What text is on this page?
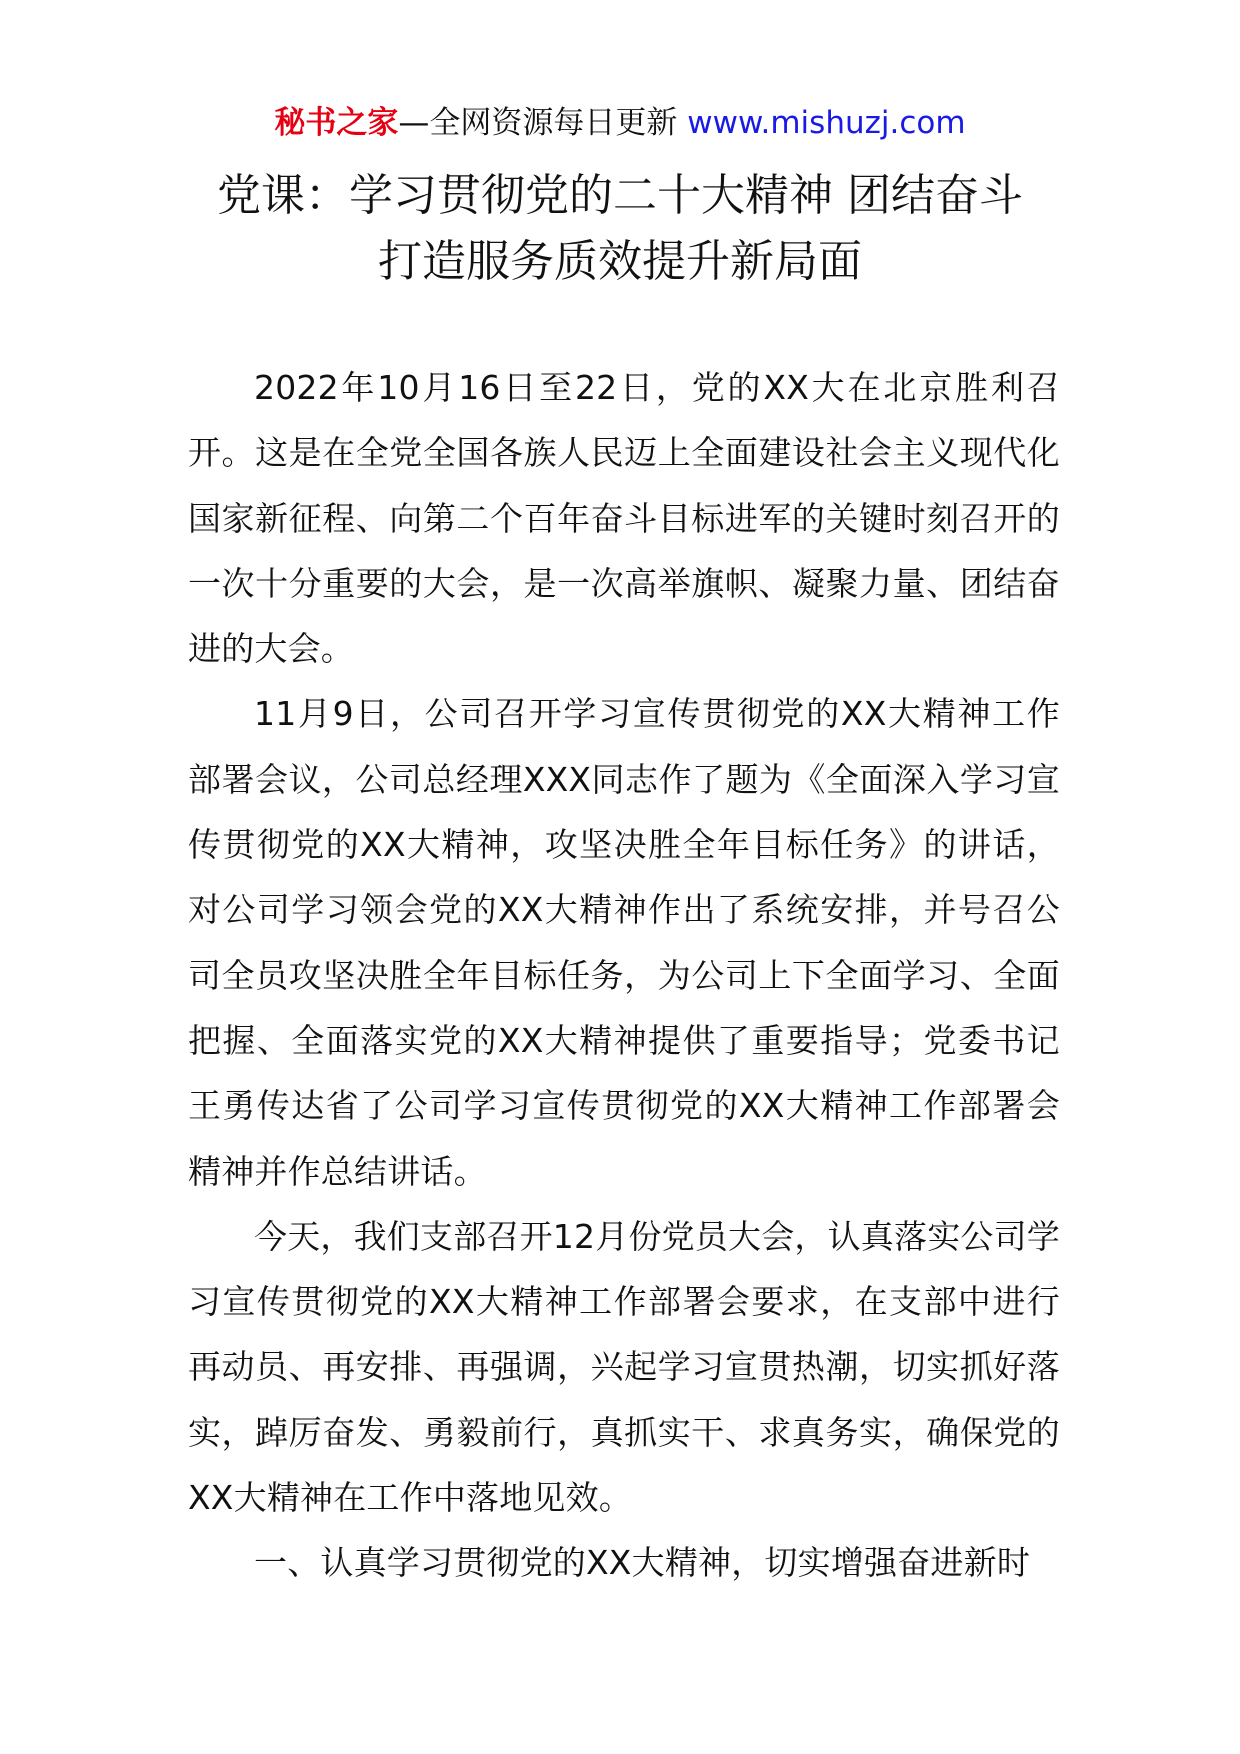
秘书之家—全网资源每日更新 www.mishuzj.com
党课：学习贯彻党的二十大精神 团结奋斗
打造服务质效提升新局面

2022年10月16日至22日，党的XX大在北京胜利召开。这是在全党全国各族人民迈上全面建设社会主义现代化国家新征程、向第二个百年奋斗目标进军的关键时刻召开的一次十分重要的大会，是一次高举旗帜、凝聚力量、团结奋进的大会。

11月9日，公司召开学习宣传贯彻党的XX大精神工作部署会议，公司总经理XXX同志作了题为《全面深入学习宣传贯彻党的XX大精神，攻坚决胜全年目标任务》的讲话，对公司学习领会党的XX大精神作出了系统安排，并号召公司全员攻坚决胜全年目标任务，为公司上下全面学习、全面把握、全面落实党的XX大精神提供了重要指导；党委书记王勇传达省了公司学习宣传贯彻党的XX大精神工作部署会精神并作总结讲话。

今天，我们支部召开12月份党员大会，认真落实公司学习宣传贯彻党的XX大精神工作部署会要求，在支部中进行再动员、再安排、再强调，兴起学习宣贯热潮，切实抓好落实，踔厉奋发、勇毅前行，真抓实干、求真务实，确保党的XX大精神在工作中落地见效。

一、认真学习贯彻党的XX大精神，切实增强奋进新时
